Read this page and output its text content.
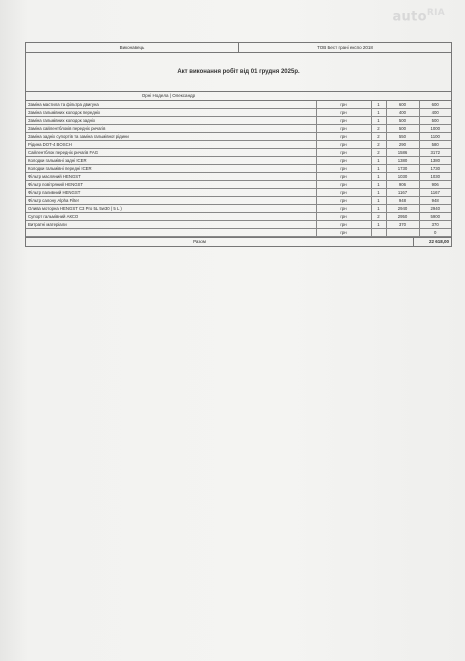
auto$^{RIA}$
Виконавець	ТОВ Бест грані експо 2018
Акт виконання робіт від 01 грудня 2025р.
Орні Hoдeлa | Олександр
Заміна мастила та фільтра двигуна	грн	1	600	600
Заміна гальмівних колодок передніх	грн	1	400	400
Заміна гальмівних колодок задніх	грн	1	500	500
Заміна сайлентблоків передніх ричагів	грн	2	500	1000
Заміна задніх супортів та заміна гальмівної рідини	грн	2	550	1100
Рідина DOT-4 BOSCH	грн	2	290	580
Сайлентблок передніх ричагів FAG	грн	2	1586	3172
Колодки гальмівні задні ICER	грн	1	1380	1380
Колодки гальмівні передні ICER	грн	1	1730	1730
Фільтр масляний HENGST	грн	1	1030	1030
Фільтр повітряний HENGST	грн	1	906	906
Фільтр паливний HENGST	грн	1	1167	1167
Фільтр салону Alpha Filter	грн	1	948	948
Олива моторна HENGST C3 Pro 5L 5w30 ( 5 L )	грн	1	2940	2940
Супорт гальмівний АКСО	грн	2	2950	5900
Витратні матеріали	грн	1	370	370
	грн			0
Разом	22 618,00
